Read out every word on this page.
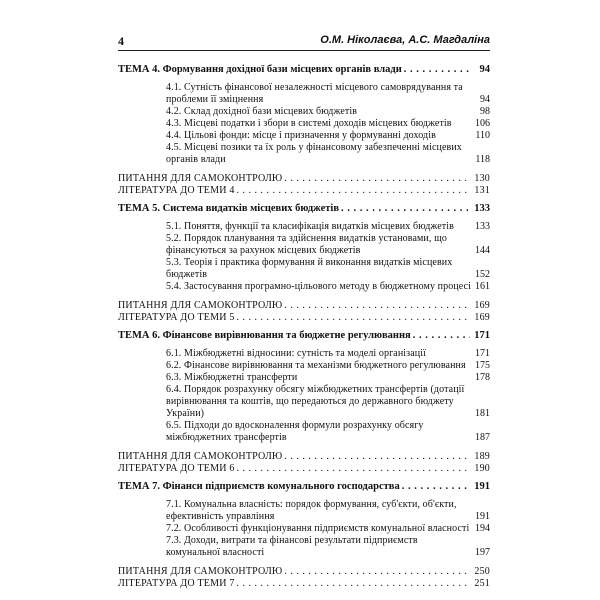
4	О.М. Ніколаєва, А.С. Магдаліна
ТЕМА 4. Формування дохідної бази місцевих органів влади . . .	94
4.1. Сутність фінансової незалежності місцевого самоврядування та проблеми її зміцнення	94
4.2. Склад дохідної бази місцевих бюджетів	98
4.3. Місцеві податки і збори в системі доходів місцевих бюджетів	106
4.4. Цільові фонди: місце і призначення у формуванні доходів	110
4.5. Місцеві позики та їх роль у фінансовому забезпеченні місцевих органів влади	118
ПИТАННЯ ДЛЯ САМОКОНТРОЛЮ . . .	130
ЛІТЕРАТУРА ДО ТЕМИ 4 . . .	131
ТЕМА 5. Система видатків місцевих бюджетів . . .	133
5.1. Поняття, функції та класифікація видатків місцевих бюджетів	133
5.2. Порядок планування та здійснення видатків установами, що фінансуються за рахунок місцевих бюджетів	144
5.3. Теорія і практика формування й виконання видатків місцевих бюджетів	152
5.4. Застосування програмно-цільового методу в бюджетному процесі 161
ПИТАННЯ ДЛЯ САМОКОНТРОЛЮ . . .	169
ЛІТЕРАТУРА ДО ТЕМИ 5 . . .	169
ТЕМА 6. Фінансове вирівнювання та бюджетне регулювання . . .	171
6.1. Міжбюджетні відносини: сутність та моделі організації	171
6.2. Фінансове вирівнювання та механізми бюджетного регулювання 175
6.3. Міжбюджетні трансферти	178
6.4. Порядок розрахунку обсягу міжбюджетних трансфертів (дотації вирівнювання та коштів, що передаються до державного бюджету України)	181
6.5. Підходи до вдосконалення формули розрахунку обсягу міжбюджетних трансфертів	187
ПИТАННЯ ДЛЯ САМОКОНТРОЛЮ . . .	189
ЛІТЕРАТУРА ДО ТЕМИ 6 . . .	190
ТЕМА 7. Фінанси підприємств комунального господарства . . .	191
7.1. Комунальна власність: порядок формування, суб'єкти, об'єкти, ефективність управління	191
7.2. Особливості функціонування підприємств комунальної власності 194
7.3. Доходи, витрати та фінансові результати підприємств комунальної власності	197
ПИТАННЯ ДЛЯ САМОКОНТРОЛЮ . . .	250
ЛІТЕРАТУРА ДО ТЕМИ 7 . . .	251
